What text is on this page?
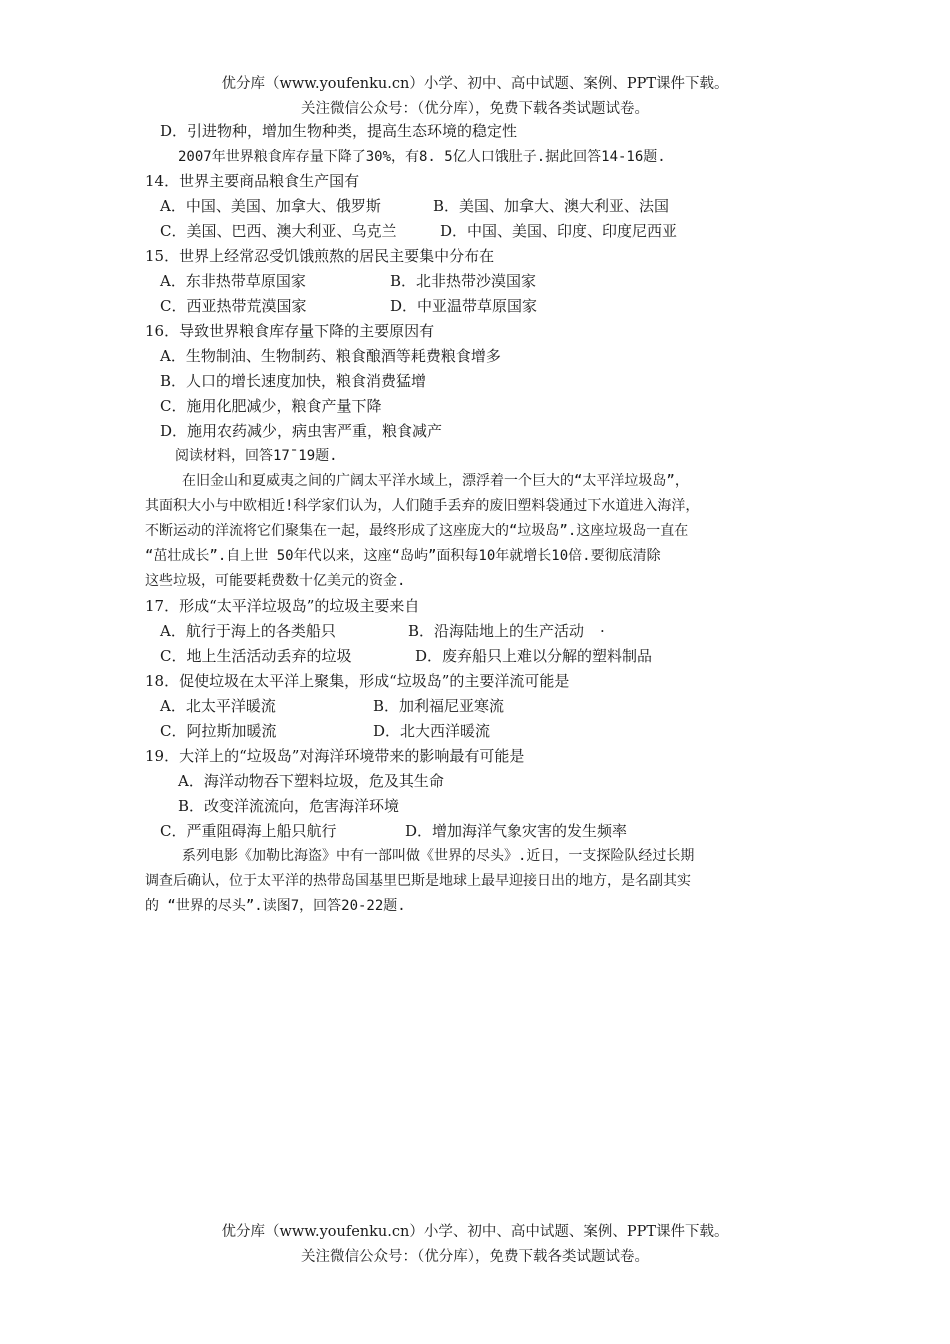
优分库（www.youfenku.cn）小学、初中、高中试题、案例、PPT课件下载。
关注微信公众号：（优分库），免费下载各类试题试卷。
D．引进物种，增加生物种类，提高生态环境的稳定性
2007年世界粮食库存量下降了30%，有8. 5亿人口饿肚子.据此回答14-16题.
14．世界主要商品粮食生产国有
A．中国、美国、加拿大、俄罗斯	B．美国、加拿大、澳大利亚、法国
C．美国、巴西、澳大利亚、乌克兰	D．中国、美国、印度、印度尼西亚
15．世界上经常忍受饥饿煎熬的居民主要集中分布在
A．东非热带草原国家	B．北非热带沙漠国家
C．西亚热带荒漠国家	D．中亚温带草原国家
16．导致世界粮食库存量下降的主要原因有
A．生物制油、生物制药、粮食酿酒等耗费粮食增多
B．人口的增长速度加快，粮食消费猛增
C．施用化肥减少，粮食产量下降
D．施用农药减少，病虫害严重，粮食减产
阅读材料，回答17¯19题.
在旧金山和夏威夷之间的广阔太平洋水域上，漂浮着一个巨大的“太平洋垃圾岛”，
其面积大小与中欧相近!科学家们认为，人们随手丢弃的废旧塑料袋通过下水道进入海洋，
不断运动的洋流将它们聚集在一起，最终形成了这座庞大的“垃圾岛”.这座垃圾岛一直在
“茁壮成长”.自上世 50年代以来，这座“岛屿”面积每10年就增长10倍.要彻底清除
这些垃圾，可能要耗费数十亿美元的资金.
17．形成“太平洋垃圾岛”的垃圾主要来自
A．航行于海上的各类船只	B．沿海陆地上的生产活动 ·
C．地上生活活动丢弃的垃圾	D．废弃船只上难以分解的塑料制品
18．促使垃圾在太平洋上聚集，形成“垃圾岛”的主要洋流可能是
A．北太平洋暖流	B．加利福尼亚寒流
C．阿拉斯加暖流	D．北大西洋暖流
19．大洋上的“垃圾岛”对海洋环境带来的影响最有可能是
A．海洋动物吞下塑料垃圾，危及其生命
B．改变洋流流向，危害海洋环境
C．严重阻碍海上船只航行	D．增加海洋气象灾害的发生频率
系列电影《加勒比海盗》中有一部叫做《世界的尽头》.近日，一支探险队经过长期
调查后确认，位于太平洋的热带岛国基里巴斯是地球上最早迎接日出的地方，是名副其实
的 “世界的尽头”.读图7，回答20-22题.
优分库（www.youfenku.cn）小学、初中、高中试题、案例、PPT课件下载。
关注微信公众号：（优分库），免费下载各类试题试卷。
